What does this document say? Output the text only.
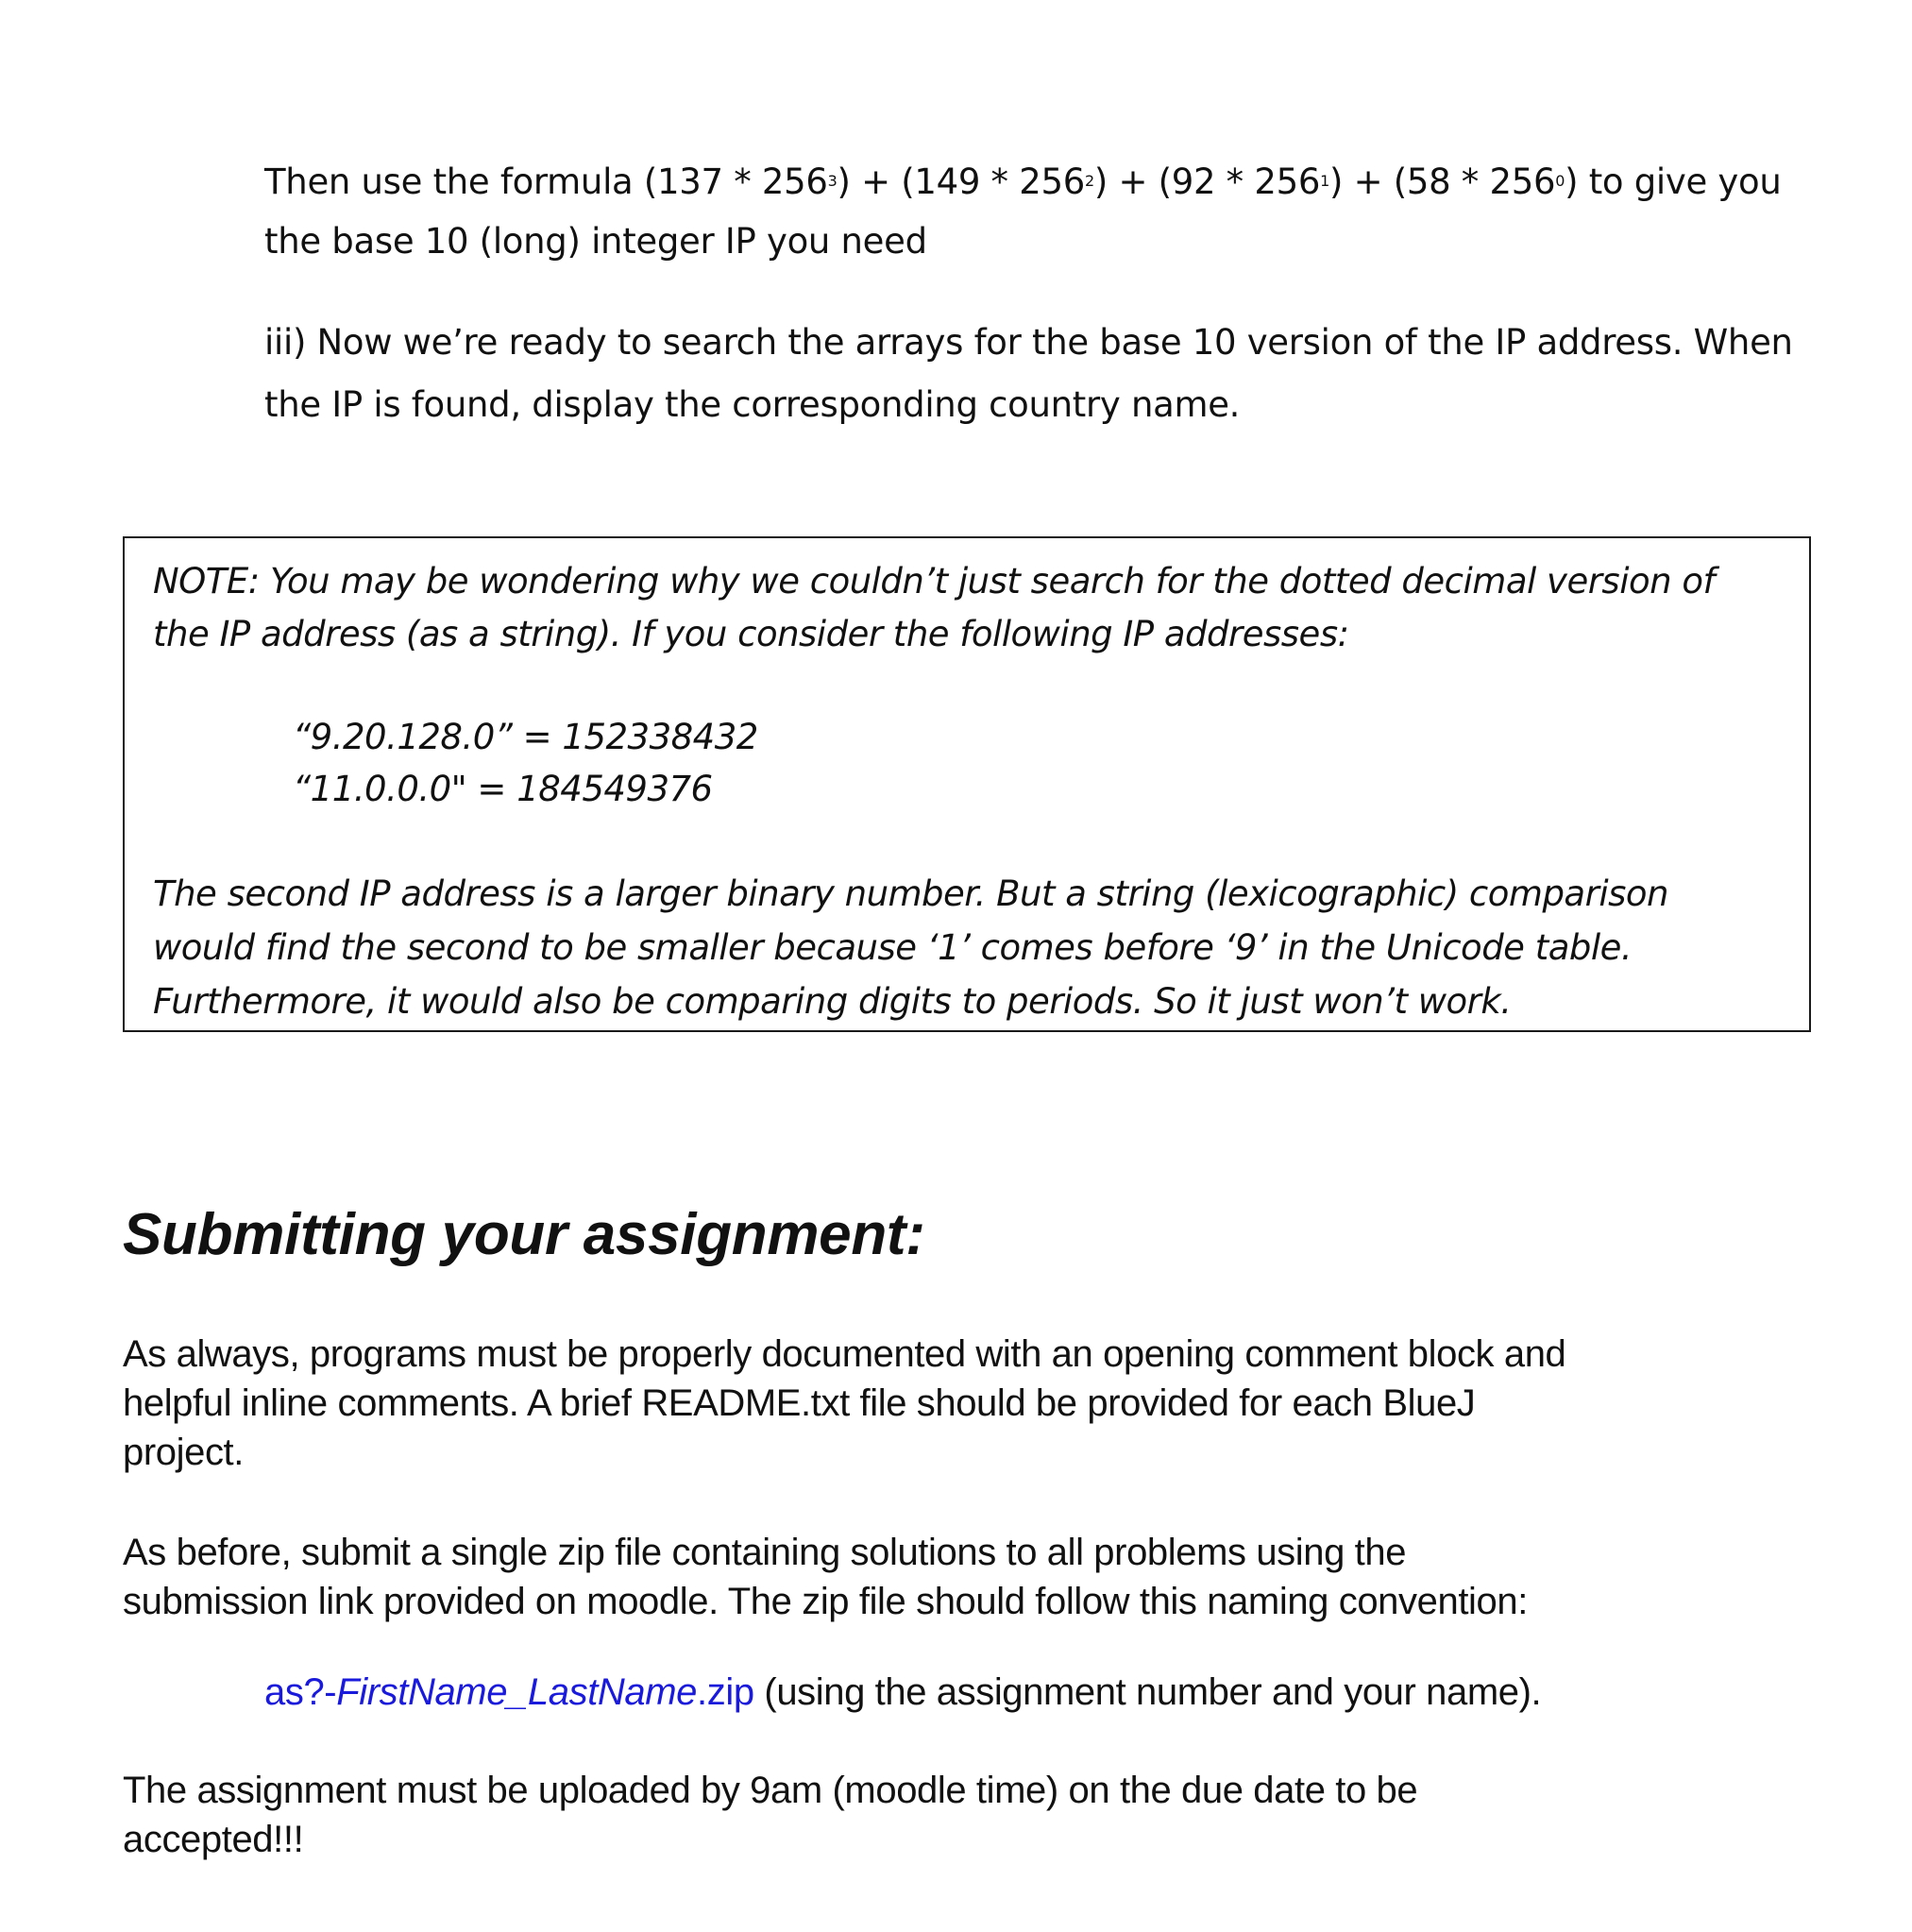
Then use the formula $(137 * 256^3) + (149 * 256^2) + (92 * 256^1) + (58 * 256^0)$ to give you
the base 10 (long) integer IP you need
iii) Now we’re ready to search the arrays for the base 10 version of the IP address. When
the IP is found, display the corresponding country name.
NOTE: You may be wondering why we couldn’t just search for the dotted decimal version of
the IP address (as a string). If you consider the following IP addresses:
“9.20.128.0” = 152338432
“11.0.0.0" = 184549376
The second IP address is a larger binary number. But a string (lexicographic) comparison
would find the second to be smaller because ‘1’ comes before ‘9’ in the Unicode table.
Furthermore, it would also be comparing digits to periods. So it just won’t work.
Submitting your assignment:
As always, programs must be properly documented with an opening comment block and
helpful inline comments. A brief README.txt file should be provided for each BlueJ
project.
As before, submit a single zip file containing solutions to all problems using the
submission link provided on moodle. The zip file should follow this naming convention:
as?-FirstName_LastName.zip (using the assignment number and your name).
The assignment must be uploaded by 9am (moodle time) on the due date to be
accepted!!!
